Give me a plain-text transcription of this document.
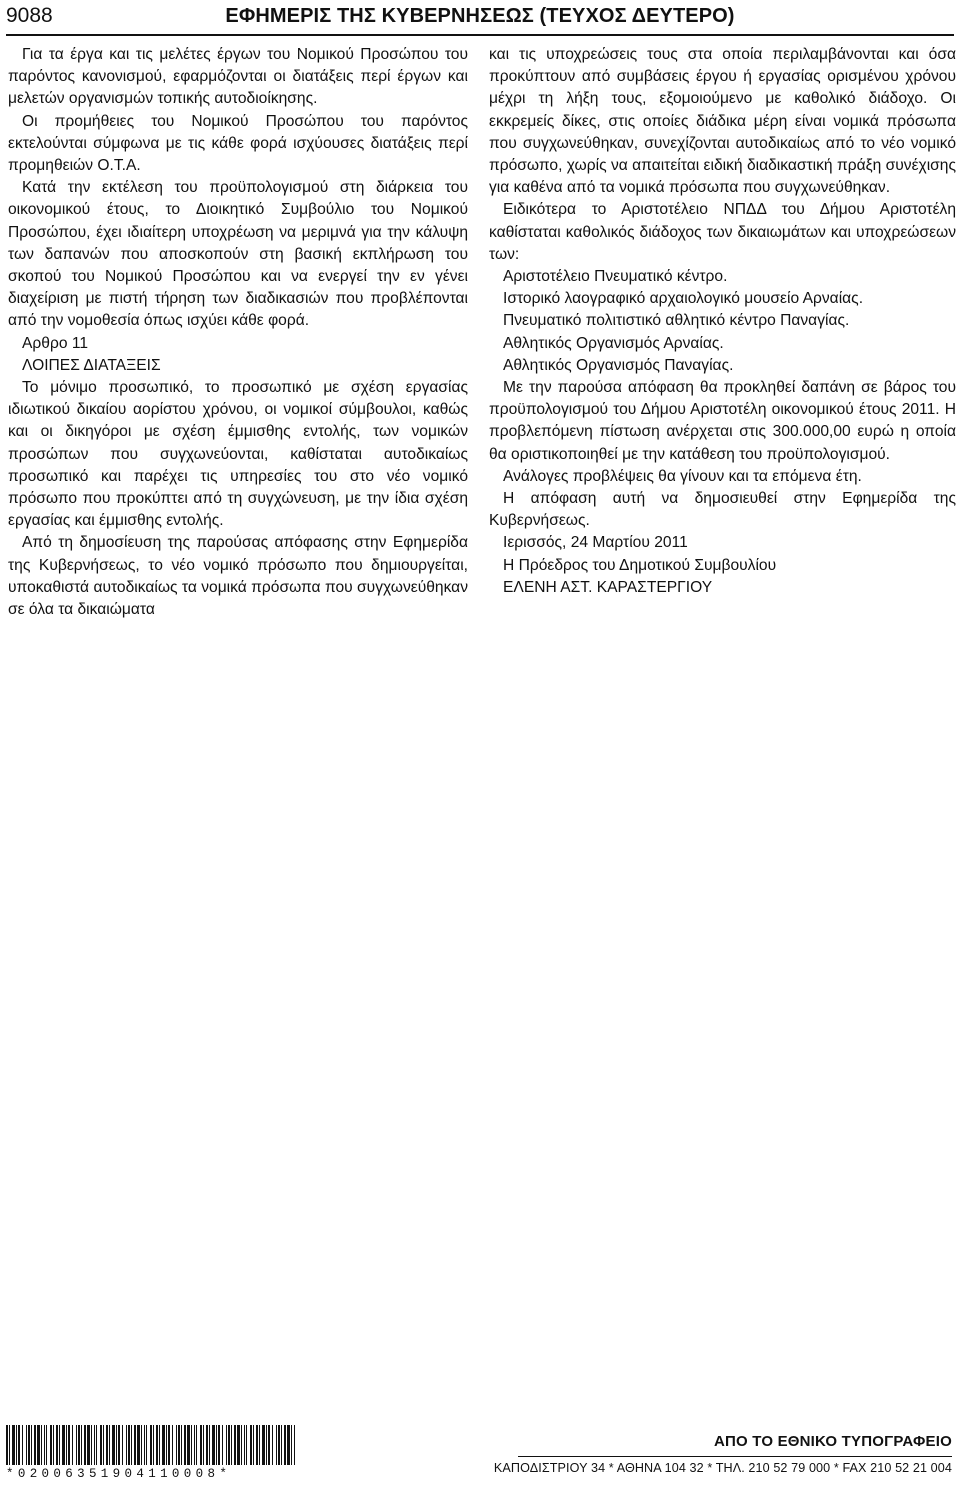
9088	ΕΦΗΜΕΡΙΣ ΤΗΣ ΚΥΒΕΡΝΗΣΕΩΣ (ΤΕΥΧΟΣ ΔΕΥΤΕΡΟ)

Για τα έργα και τις μελέτες έργων του Νομικού Προσώπου του παρόντος κανονισμού, εφαρμόζονται οι διατάξεις περί έργων και μελετών οργανισμών τοπικής αυτοδιοίκησης.

Οι προμήθειες του Νομικού Προσώπου του παρόντος εκτελούνται σύμφωνα με τις κάθε φορά ισχύουσες διατάξεις περί προμηθειών Ο.Τ.Α.

Κατά την εκτέλεση του προϋπολογισμού στη διάρκεια του οικονομικού έτους, το Διοικητικό Συμβούλιο του Νομικού Προσώπου, έχει ιδιαίτερη υποχρέωση να μεριμνά για την κάλυψη των δαπανών που αποσκοπούν στη βασική εκπλήρωση του σκοπού του Νομικού Προσώπου και να ενεργεί την εν γένει διαχείριση με πιστή τήρηση των διαδικασιών που προβλέπονται από την νομοθεσία όπως ισχύει κάθε φορά.

Αρθρο 11

ΛΟΙΠΕΣ ΔΙΑΤΑΞΕΙΣ

Το μόνιμο προσωπικό, το προσωπικό με σχέση εργασίας ιδιωτικού δικαίου αορίστου χρόνου, οι νομικοί σύμβουλοι, καθώς και οι δικηγόροι με σχέση έμμισθης εντολής, των νομικών προσώπων που συγχωνεύονται, καθίσταται αυτοδικαίως προσωπικό και παρέχει τις υπηρεσίες του στο νέο νομικό πρόσωπο που προκύπτει από τη συγχώνευση, με την ίδια σχέση εργασίας και έμμισθης εντολής.

Από τη δημοσίευση της παρούσας απόφασης στην Εφημερίδα της Κυβερνήσεως, το νέο νομικό πρόσωπο που δημιουργείται, υποκαθιστά αυτοδικαίως τα νομικά πρόσωπα που συγχωνεύθηκαν σε όλα τα δικαιώματα

και τις υποχρεώσεις τους στα οποία περιλαμβάνονται και όσα προκύπτουν από συμβάσεις έργου ή εργασίας ορισμένου χρόνου μέχρι τη λήξη τους, εξομοιούμενο με καθολικό διάδοχο. Οι εκκρεμείς δίκες, στις οποίες διάδικα μέρη είναι νομικά πρόσωπα που συγχωνεύθηκαν, συνεχίζονται αυτοδικαίως από το νέο νομικό πρόσωπο, χωρίς να απαιτείται ειδική διαδικαστική πράξη συνέχισης για καθένα από τα νομικά πρόσωπα που συγχωνεύθηκαν.

Ειδικότερα το Αριστοτέλειο ΝΠΔΔ του Δήμου Αριστοτέλη καθίσταται καθολικός διάδοχος των δικαιωμάτων και υποχρεώσεων των:

Αριστοτέλειο Πνευματικό κέντρο.

Ιστορικό λαογραφικό αρχαιολογικό μουσείο Αρναίας.

Πνευματικό πολιτιστικό αθλητικό κέντρο Παναγίας.

Αθλητικός Οργανισμός Αρναίας.

Αθλητικός Οργανισμός Παναγίας.

Με την παρούσα απόφαση θα προκληθεί δαπάνη σε βάρος του προϋπολογισμού του Δήμου Αριστοτέλη οικονομικού έτους 2011. Η προβλεπόμενη πίστωση ανέρχεται στις 300.000,00 ευρώ η οποία θα οριστικοποιηθεί με την κατάθεση του προϋπολογισμού.

Ανάλογες προβλέψεις θα γίνουν και τα επόμενα έτη.

Η απόφαση αυτή να δημοσιευθεί στην Εφημερίδα της Κυβερνήσεως.

Ιερισσός, 24 Μαρτίου 2011

Η Πρόεδρος του Δημοτικού Συμβουλίου

ΕΛΕΝΗ ΑΣΤ. ΚΑΡΑΣΤΕΡΓΙΟΥ

*02006351904110008*
ΑΠΟ ΤΟ ΕΘΝΙΚΟ ΤΥΠΟΓΡΑΦΕΙΟ
ΚΑΠΟΔΙΣΤΡΙΟΥ 34 * ΑΘΗΝΑ 104 32 * ΤΗΛ. 210 52 79 000 * FAX 210 52 21 004
